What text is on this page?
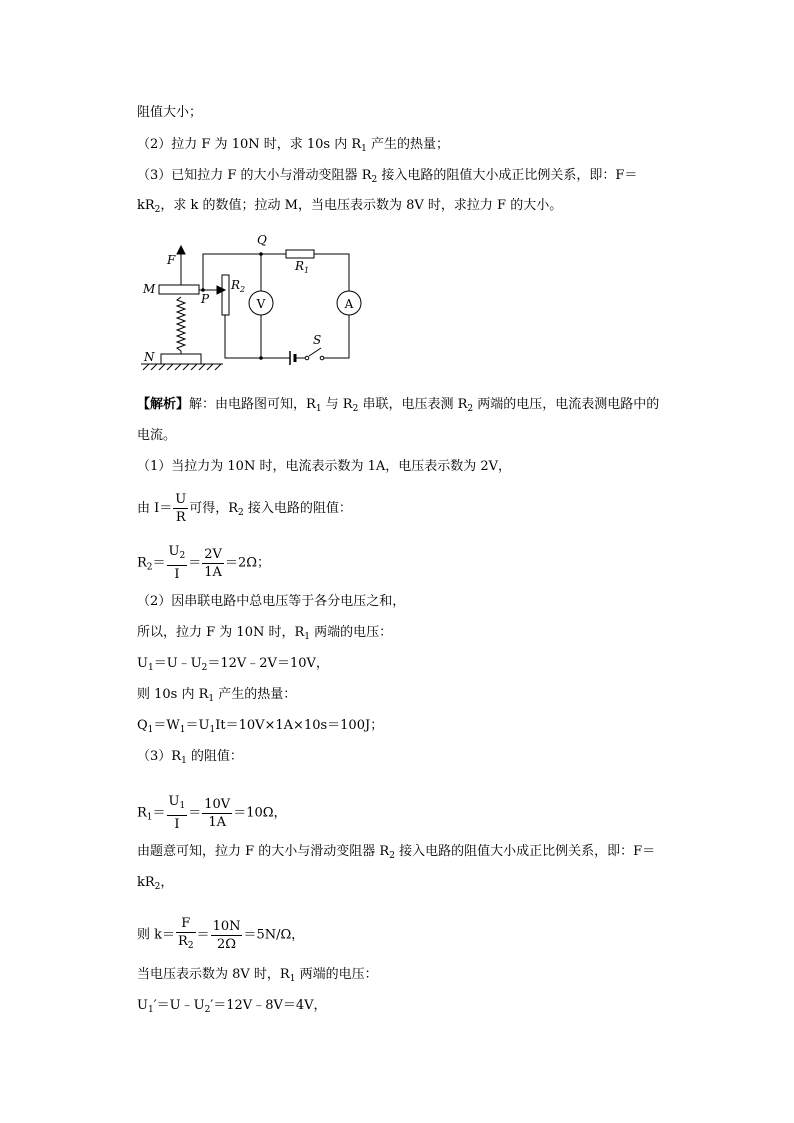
阻值大小；
（2）拉力 F 为 10N 时，求 10s 内 $R_1$ 产生的热量；
（3）已知拉力 F 的大小与滑动变阻器 $R_2$ 接入电路的阻值大小成正比例关系，即：F＝
$kR_2$，求 k 的数值；拉动 M，当电压表示数为 8V 时，求拉力 F 的大小。
Q
$R_1$
F
M
P
$R_2$
V	A
S
N
【解析】解：由电路图可知，$R_1$ 与 $R_2$ 串联，电压表测 $R_2$ 两端的电压，电流表测电路中的
电流。
（1）当拉力为 10N 时，电流表示数为 1A，电压表示数为 2V，
由 $I= \frac{U}{R}$ 可得，$R_2$ 接入电路的阻值：
$R_2= \frac{U_2}{I} = \frac{2V}{1A} =2\Omega$；
（2）因串联电路中总电压等于各分电压之和，
所以，拉力 F 为 10N 时，$R_1$ 两端的电压：
$U_1=U﹣U_2=12V﹣2V=10V$，
则 10s 内 $R_1$ 产生的热量：
$Q_1=W_1=U_1It=10V\times 1A\times 10s=100J$；
$(3)R_1$ 的阻值：
$R_1= \frac{U_1}{I} = \frac{10V}{1A} =10\Omega$，
由题意可知，拉力 F 的大小与滑动变阻器 $R_2$ 接入电路的阻值大小成正比例关系，即：F＝
$kR_2$，
则 $k= \frac{F}{R_2} = \frac{10N}{2\Omega} =5N/\Omega$，
当电压表示数为 8V 时，$R_1$ 两端的电压：
$U_1'=U﹣U_2'=12V﹣8V=4V$，
